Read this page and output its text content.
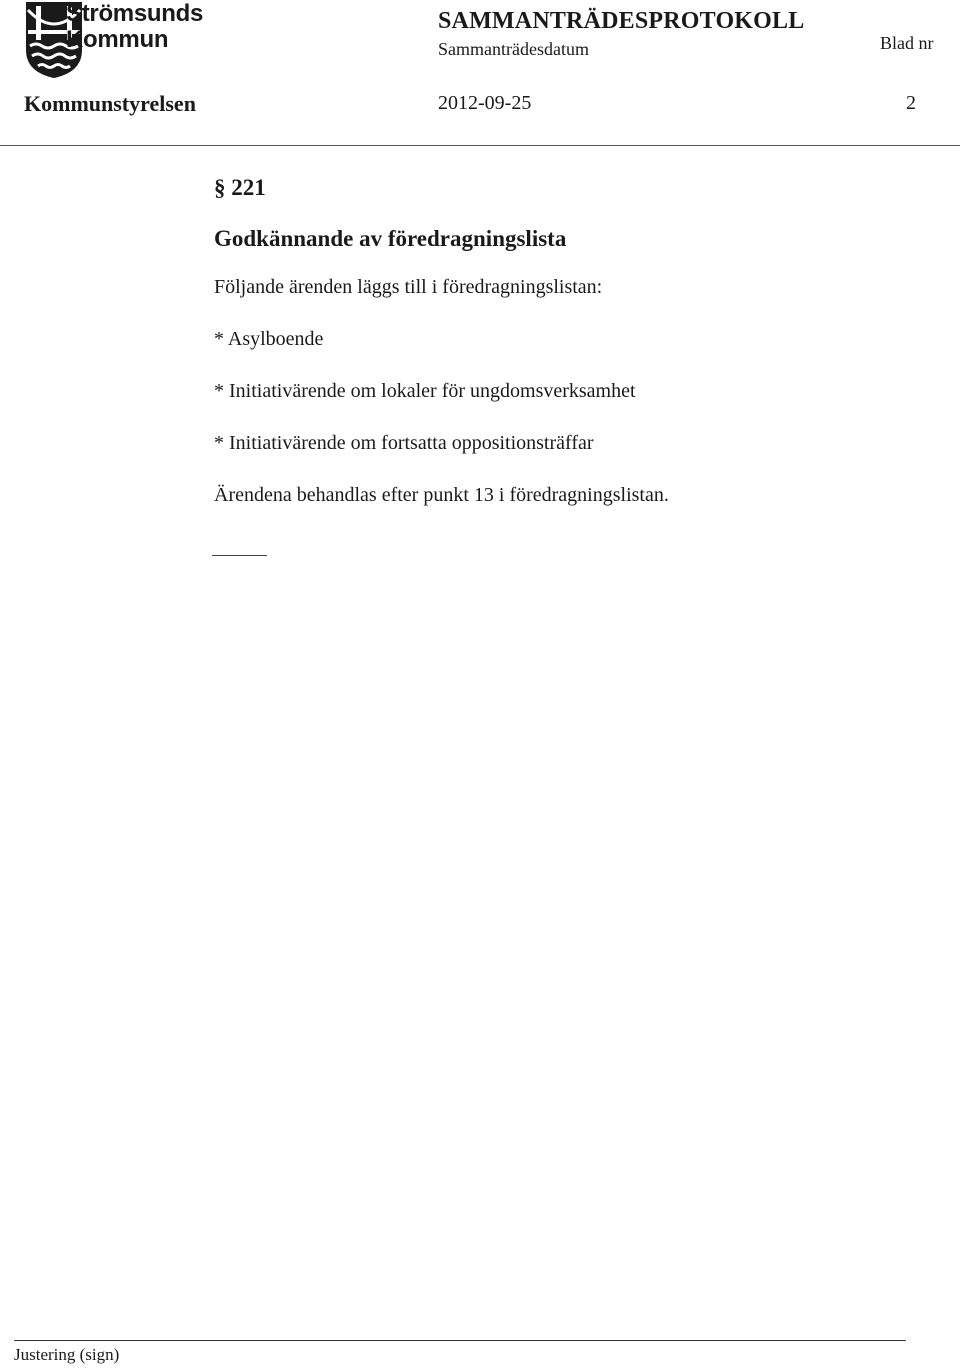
Strömsunds
Kommun
SAMMANTRÄDESPROTOKOLL
Sammanträdesdatum	Blad nr
Kommunstyrelsen	2012-09-25	2
§ 221
Godkännande av föredragningslista
Följande ärenden läggs till i föredragningslistan:
* Asylboende
* Initiativärende om lokaler för ungdomsverksamhet
* Initiativärende om fortsatta oppositionsträffar
Ärendena behandlas efter punkt 13 i föredragningslistan.
Justering (sign)
